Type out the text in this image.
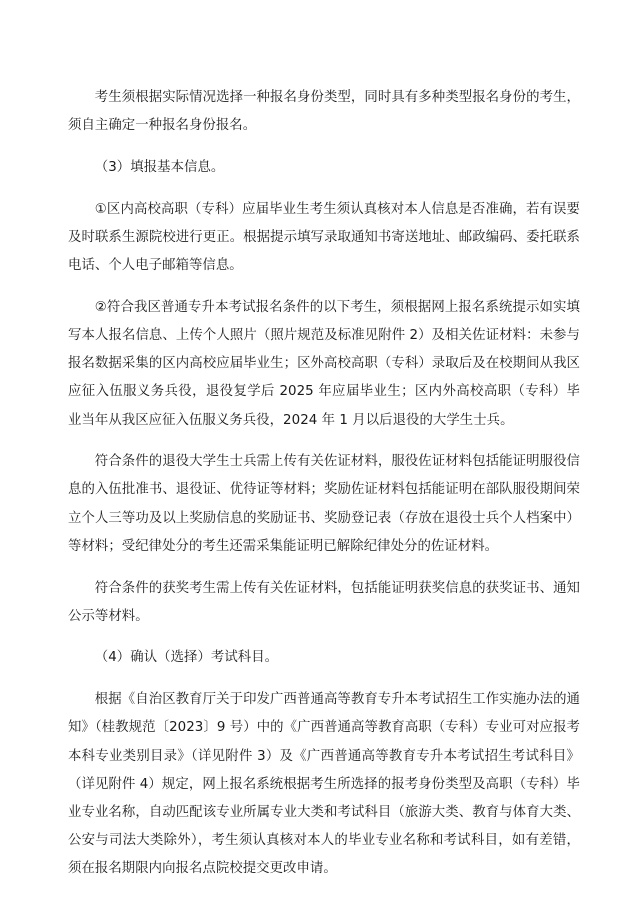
考生须根据实际情况选择一种报名身份类型，同时具有多种类型报名身份的考生，须自主确定一种报名身份报名。

（3）填报基本信息。

①区内高校高职（专科）应届毕业生考生须认真核对本人信息是否准确，若有误要及时联系生源院校进行更正。根据提示填写录取通知书寄送地址、邮政编码、委托联系电话、个人电子邮箱等信息。

②符合我区普通专升本考试报名条件的以下考生，须根据网上报名系统提示如实填写本人报名信息、上传个人照片（照片规范及标准见附件 2）及相关佐证材料：未参与报名数据采集的区内高校应届毕业生；区外高校高职（专科）录取后及在校期间从我区应征入伍服义务兵役，退役复学后 2025 年应届毕业生；区内外高校高职（专科）毕业当年从我区应征入伍服义务兵役，2024 年 1 月以后退役的大学生士兵。

符合条件的退役大学生士兵需上传有关佐证材料，服役佐证材料包括能证明服役信息的入伍批准书、退役证、优待证等材料；奖励佐证材料包括能证明在部队服役期间荣立个人三等功及以上奖励信息的奖励证书、奖励登记表（存放在退役士兵个人档案中）等材料；受纪律处分的考生还需采集能证明已解除纪律处分的佐证材料。

符合条件的获奖考生需上传有关佐证材料，包括能证明获奖信息的获奖证书、通知公示等材料。

（4）确认（选择）考试科目。

根据《自治区教育厅关于印发广西普通高等教育专升本考试招生工作实施办法的通知》（桂教规范〔2023〕9 号）中的《广西普通高等教育高职（专科）专业可对应报考本科专业类别目录》（详见附件 3）及《广西普通高等教育专升本考试招生考试科目》（详见附件 4）规定，网上报名系统根据考生所选择的报考身份类型及高职（专科）毕业专业名称，自动匹配该专业所属专业大类和考试科目（旅游大类、教育与体育大类、公安与司法大类除外），考生须认真核对本人的毕业专业名称和考试科目，如有差错，须在报名期限内向报名点院校提交更改申请。
